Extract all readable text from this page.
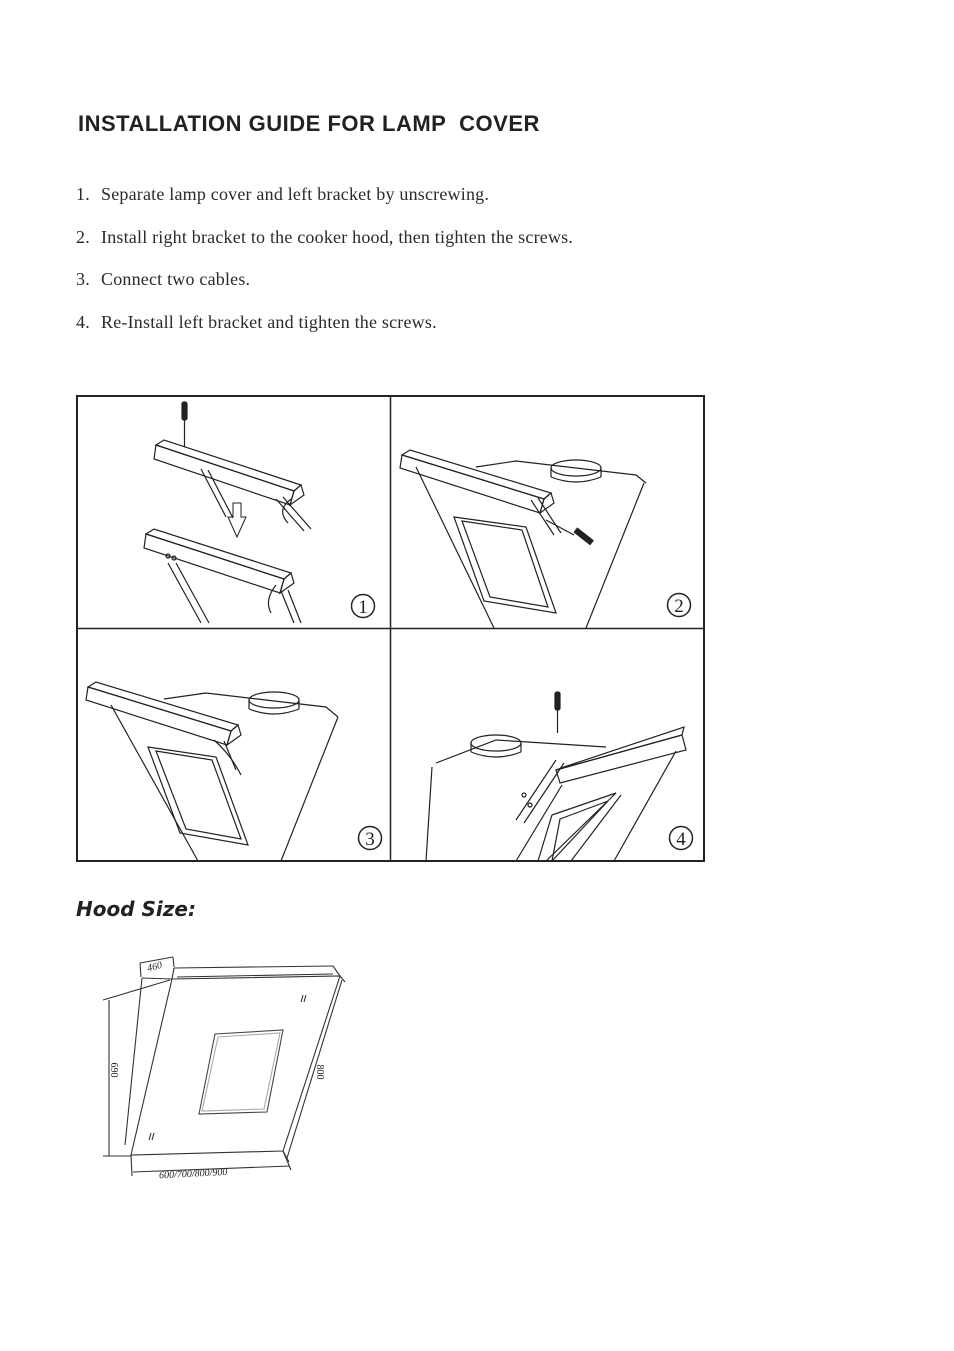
INSTALLATION GUIDE FOR LAMP  COVER
1. Separate lamp cover and left bracket by unscrewing.
2. Install right bracket to the cooker hood, then tighten the screws.
3. Connect two cables.
4. Re-Install left bracket and tighten the screws.
1	2
3	4
Hood Size:
460
690	800
600/700/800/900
